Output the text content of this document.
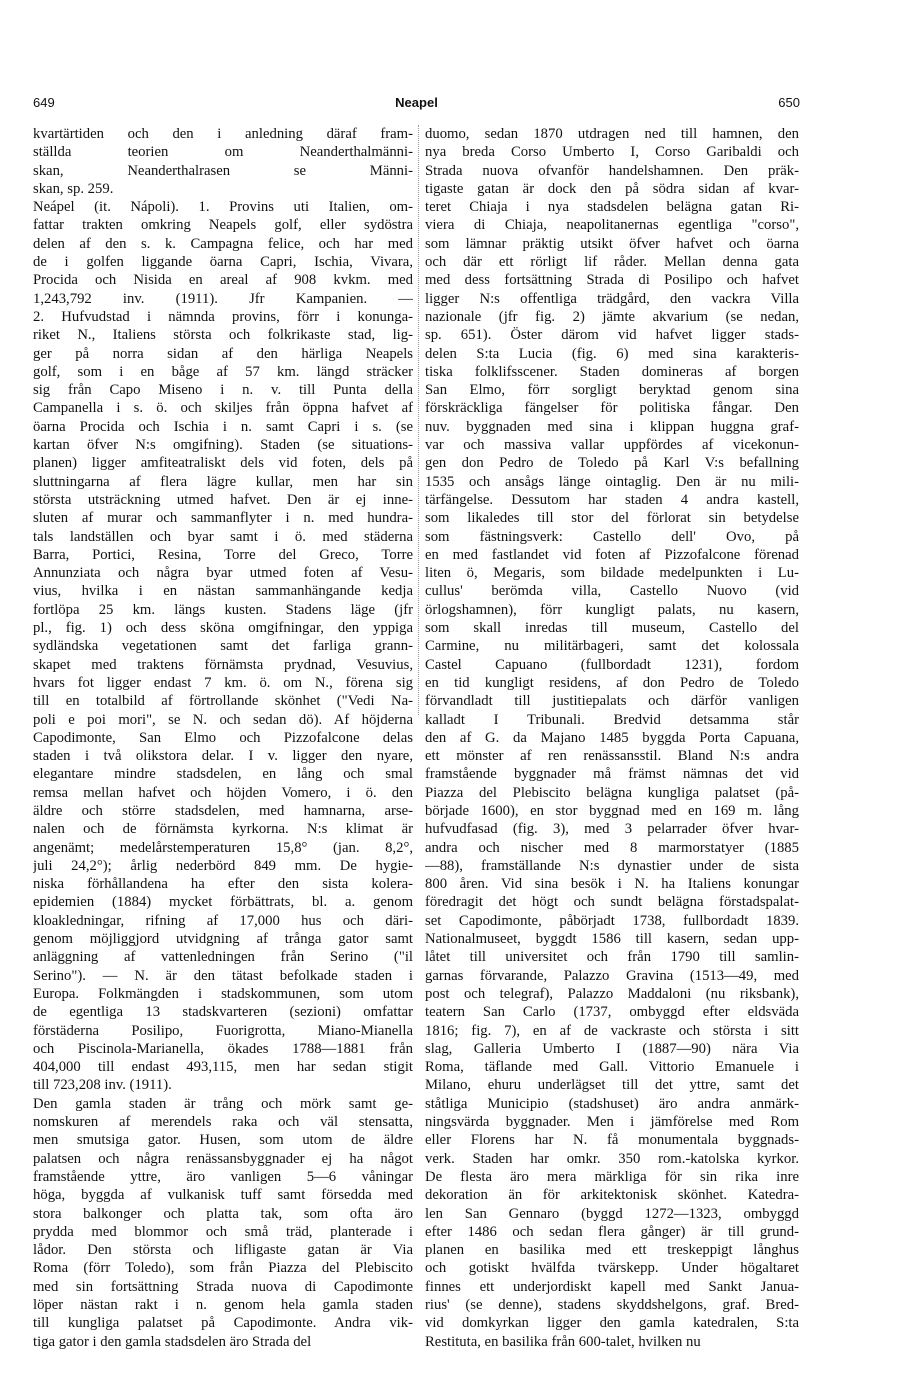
649	Neapel	650
kvartärtiden och den i anledning däraf fram-
ställda teorien om Neanderthalmänni-
skan, Neanderthalrasen se Männi-
skan, sp. 259.
Neápel (it. Nápoli). 1. Provins uti Italien, om-
fattar trakten omkring Neapels golf, eller sydöstra
delen af den s. k. Campagna felice, och har med
de i golfen liggande öarna Capri, Ischia, Vivara,
Procida och Nisida en areal af 908 kvkm. med
1,243,792 inv. (1911). Jfr Kampanien. —
2. Hufvudstad i nämnda provins, förr i konunga-
riket N., Italiens största och folkrikaste stad, lig-
ger på norra sidan af den härliga Neapels
golf, som i en båge af 57 km. längd sträcker
sig från Capo Miseno i n. v. till Punta della
Campanella i s. ö. och skiljes från öppna hafvet af
öarna Procida och Ischia i n. samt Capri i s. (se
kartan öfver N:s omgifning). Staden (se situations-
planen) ligger amfiteatraliskt dels vid foten, dels på
sluttningarna af flera lägre kullar, men har sin
största utsträckning utmed hafvet. Den är ej inne-
sluten af murar och sammanflyter i n. med hundra-
tals landställen och byar samt i ö. med städerna
Barra, Portici, Resina, Torre del Greco, Torre
Annunziata och några byar utmed foten af Vesu-
vius, hvilka i en nästan sammanhängande kedja
fortlöpa 25 km. längs kusten. Stadens läge (jfr
pl., fig. 1) och dess sköna omgifningar, den yppiga
sydländska vegetationen samt det farliga grann-
skapet med traktens förnämsta prydnad, Vesuvius,
hvars fot ligger endast 7 km. ö. om N., förena sig
till en totalbild af förtrollande skönhet ("Vedi Na-
poli e poi mori", se N. och sedan dö). Af höjderna
Capodimonte, San Elmo och Pizzofalcone delas
staden i två olikstora delar. I v. ligger den nyare,
elegantare mindre stadsdelen, en lång och smal
remsa mellan hafvet och höjden Vomero, i ö. den
äldre och större stadsdelen, med hamnarna, arse-
nalen och de förnämsta kyrkorna. N:s klimat är
angenämt; medelårstemperaturen 15,8° (jan. 8,2°,
juli 24,2°); årlig nederbörd 849 mm. De hygie-
niska förhållandena ha efter den sista kolera-
epidemien (1884) mycket förbättrats, bl. a. genom
kloakledningar, rifning af 17,000 hus och däri-
genom möjliggjord utvidgning af trånga gator samt
anläggning af vattenledningen från Serino ("il
Serino"). — N. är den tätast befolkade staden i
Europa. Folkmängden i stadskommunen, som utom
de egentliga 13 stadskvarteren (sezioni) omfattar
förstäderna Posilipo, Fuorigrotta, Miano-Mianella
och Piscinola-Marianella, ökades 1788—1881 från
404,000 till endast 493,115, men har sedan stigit
till 723,208 inv. (1911).
Den gamla staden är trång och mörk samt ge-
nomskuren af merendels raka och väl stensatta,
men smutsiga gator. Husen, som utom de äldre
palatsen och några renässansbyggnader ej ha något
framstående yttre, äro vanligen 5—6 våningar
höga, byggda af vulkanisk tuff samt försedda med
stora balkonger och platta tak, som ofta äro
prydda med blommor och små träd, planterade i
lådor. Den största och lifligaste gatan är Via
Roma (förr Toledo), som från Piazza del Plebiscito
med sin fortsättning Strada nuova di Capodimonte
löper nästan rakt i n. genom hela gamla staden
till kungliga palatset på Capodimonte. Andra vik-
tiga gator i den gamla stadsdelen äro Strada del
duomo, sedan 1870 utdragen ned till hamnen, den
nya breda Corso Umberto I, Corso Garibaldi och
Strada nuova ofvanför handelshamnen. Den präk-
tigaste gatan är dock den på södra sidan af kvar-
teret Chiaja i nya stadsdelen belägna gatan Ri-
viera di Chiaja, neapolitanernas egentliga "corso",
som lämnar präktig utsikt öfver hafvet och öarna
och där ett rörligt lif råder. Mellan denna gata
med dess fortsättning Strada di Posilipo och hafvet
ligger N:s offentliga trädgård, den vackra Villa
nazionale (jfr fig. 2) jämte akvarium (se nedan,
sp. 651). Öster därom vid hafvet ligger stads-
delen S:ta Lucia (fig. 6) med sina karakteris-
tiska folklifsscener. Staden domineras af borgen
San Elmo, förr sorgligt beryktad genom sina
förskräckliga fängelser för politiska fångar. Den
nuv. byggnaden med sina i klippan huggna graf-
var och massiva vallar uppfördes af vicekonun-
gen don Pedro de Toledo på Karl V:s befallning
1535 och ansågs länge ointaglig. Den är nu mili-
tärfängelse. Dessutom har staden 4 andra kastell,
som likaledes till stor del förlorat sin betydelse
som fästningsverk: Castello dell' Ovo, på
en med fastlandet vid foten af Pizzofalcone förenad
liten ö, Megaris, som bildade medelpunkten i Lu-
cullus' berömda villa, Castello Nuovo (vid
örlogshamnen), förr kungligt palats, nu kasern,
som skall inredas till museum, Castello del
Carmine, nu militärbageri, samt det kolossala
Castel Capuano (fullbordadt 1231), fordom
en tid kungligt residens, af don Pedro de Toledo
förvandladt till justitiepalats och därför vanligen
kalladt I Tribunali. Bredvid detsamma står
den af G. da Majano 1485 byggda Porta Capuana,
ett mönster af ren renässansstil. Bland N:s andra
framstående byggnader må främst nämnas det vid
Piazza del Plebiscito belägna kungliga palatset (på-
började 1600), en stor byggnad med en 169 m. lång
hufvudfasad (fig. 3), med 3 pelarrader öfver hvar-
andra och nischer med 8 marmorstatyer (1885
—88), framställande N:s dynastier under de sista
800 åren. Vid sina besök i N. ha Italiens konungar
föredragit det högt och sundt belägna förstadspalat-
set Capodimonte, påbörjadt 1738, fullbordadt 1839.
Nationalmuseet, byggdt 1586 till kasern, sedan upp-
låtet till universitet och från 1790 till samlin-
garnas förvarande, Palazzo Gravina (1513—49, med
post och telegraf), Palazzo Maddaloni (nu riksbank),
teatern San Carlo (1737, ombyggd efter eldsväda
1816; fig. 7), en af de vackraste och största i sitt
slag, Galleria Umberto I (1887—90) nära Via
Roma, täflande med Gall. Vittorio Emanuele i
Milano, ehuru underlägset till det yttre, samt det
ståtliga Municipio (stadshuset) äro andra anmärk-
ningsvärda byggnader. Men i jämförelse med Rom
eller Florens har N. få monumentala byggnads-
verk. Staden har omkr. 350 rom.-katolska kyrkor.
De flesta äro mera märkliga för sin rika inre
dekoration än för arkitektonisk skönhet. Katedra-
len San Gennaro (byggd 1272—1323, ombyggd
efter 1486 och sedan flera gånger) är till grund-
planen en basilika med ett treskeppigt långhus
och gotiskt hvälfda tvärskepp. Under högaltaret
finnes ett underjordiskt kapell med Sankt Janua-
rius' (se denne), stadens skyddshelgons, graf. Bred-
vid domkyrkan ligger den gamla katedralen, S:ta
Restituta, en basilika från 600-talet, hvilken nu
